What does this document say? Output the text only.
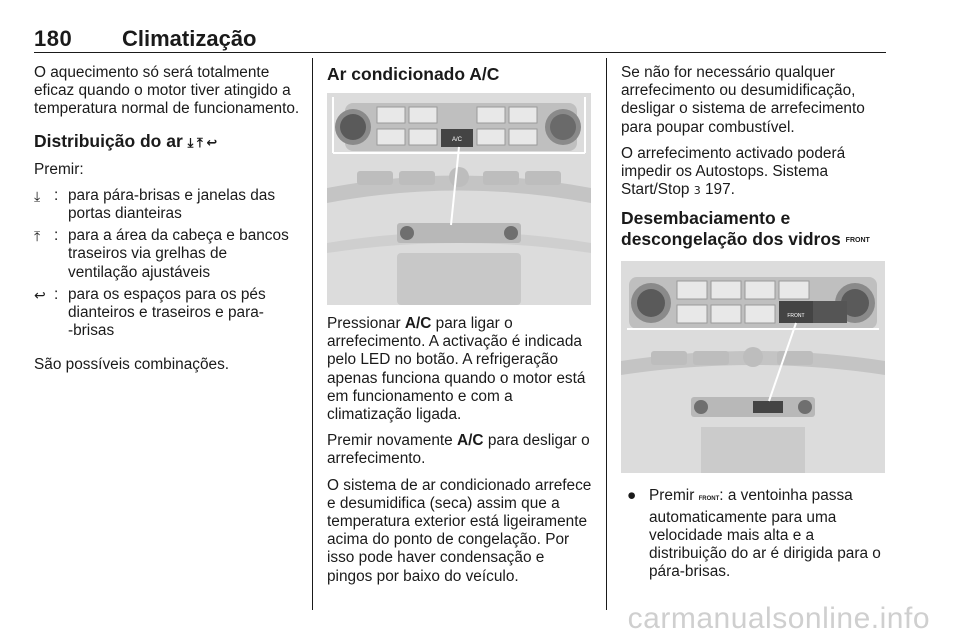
180 Climatização

O aquecimento só será totalmente eficaz quando o motor tiver atingido a temperatura normal de funcionamento.

Distribuição do ar ⤓ ⤒ ↩

Premir:

⤓ : para pára-brisas e janelas das portas dianteiras
⤒ : para a área da cabeça e bancos traseiros via grelhas de ventilação ajustáveis
↩ : para os espaços para os pés dianteiros e traseiros e para-‑brisas

São possíveis combinações.

Ar condicionado A/C
A/C

Pressionar A/C para ligar o arrefecimento. A activação é indicada pelo LED no botão. A refrigeração apenas funciona quando o motor está em funcionamento e com a climatização ligada.

Premir novamente A/C para desligar o arrefecimento.

O sistema de ar condicionado arrefece e desumidifica (seca) assim que a temperatura exterior está ligeiramente acima do ponto de congelação. Por isso pode haver condensação e pingos por baixo do veículo.

Se não for necessário qualquer arrefecimento ou desumidificação, desligar o sistema de arrefecimento para poupar combustível.

O arrefecimento activado poderá impedir os Autostops. Sistema Start/Stop 3 197.

Desembaciamento e descongelação dos vidros FRONT
FRONT
● Premir FRONT: a ventoinha passa automaticamente para uma velocidade mais alta e a distribuição do ar é dirigida para o pára-brisas.
carmanualsonline.info
